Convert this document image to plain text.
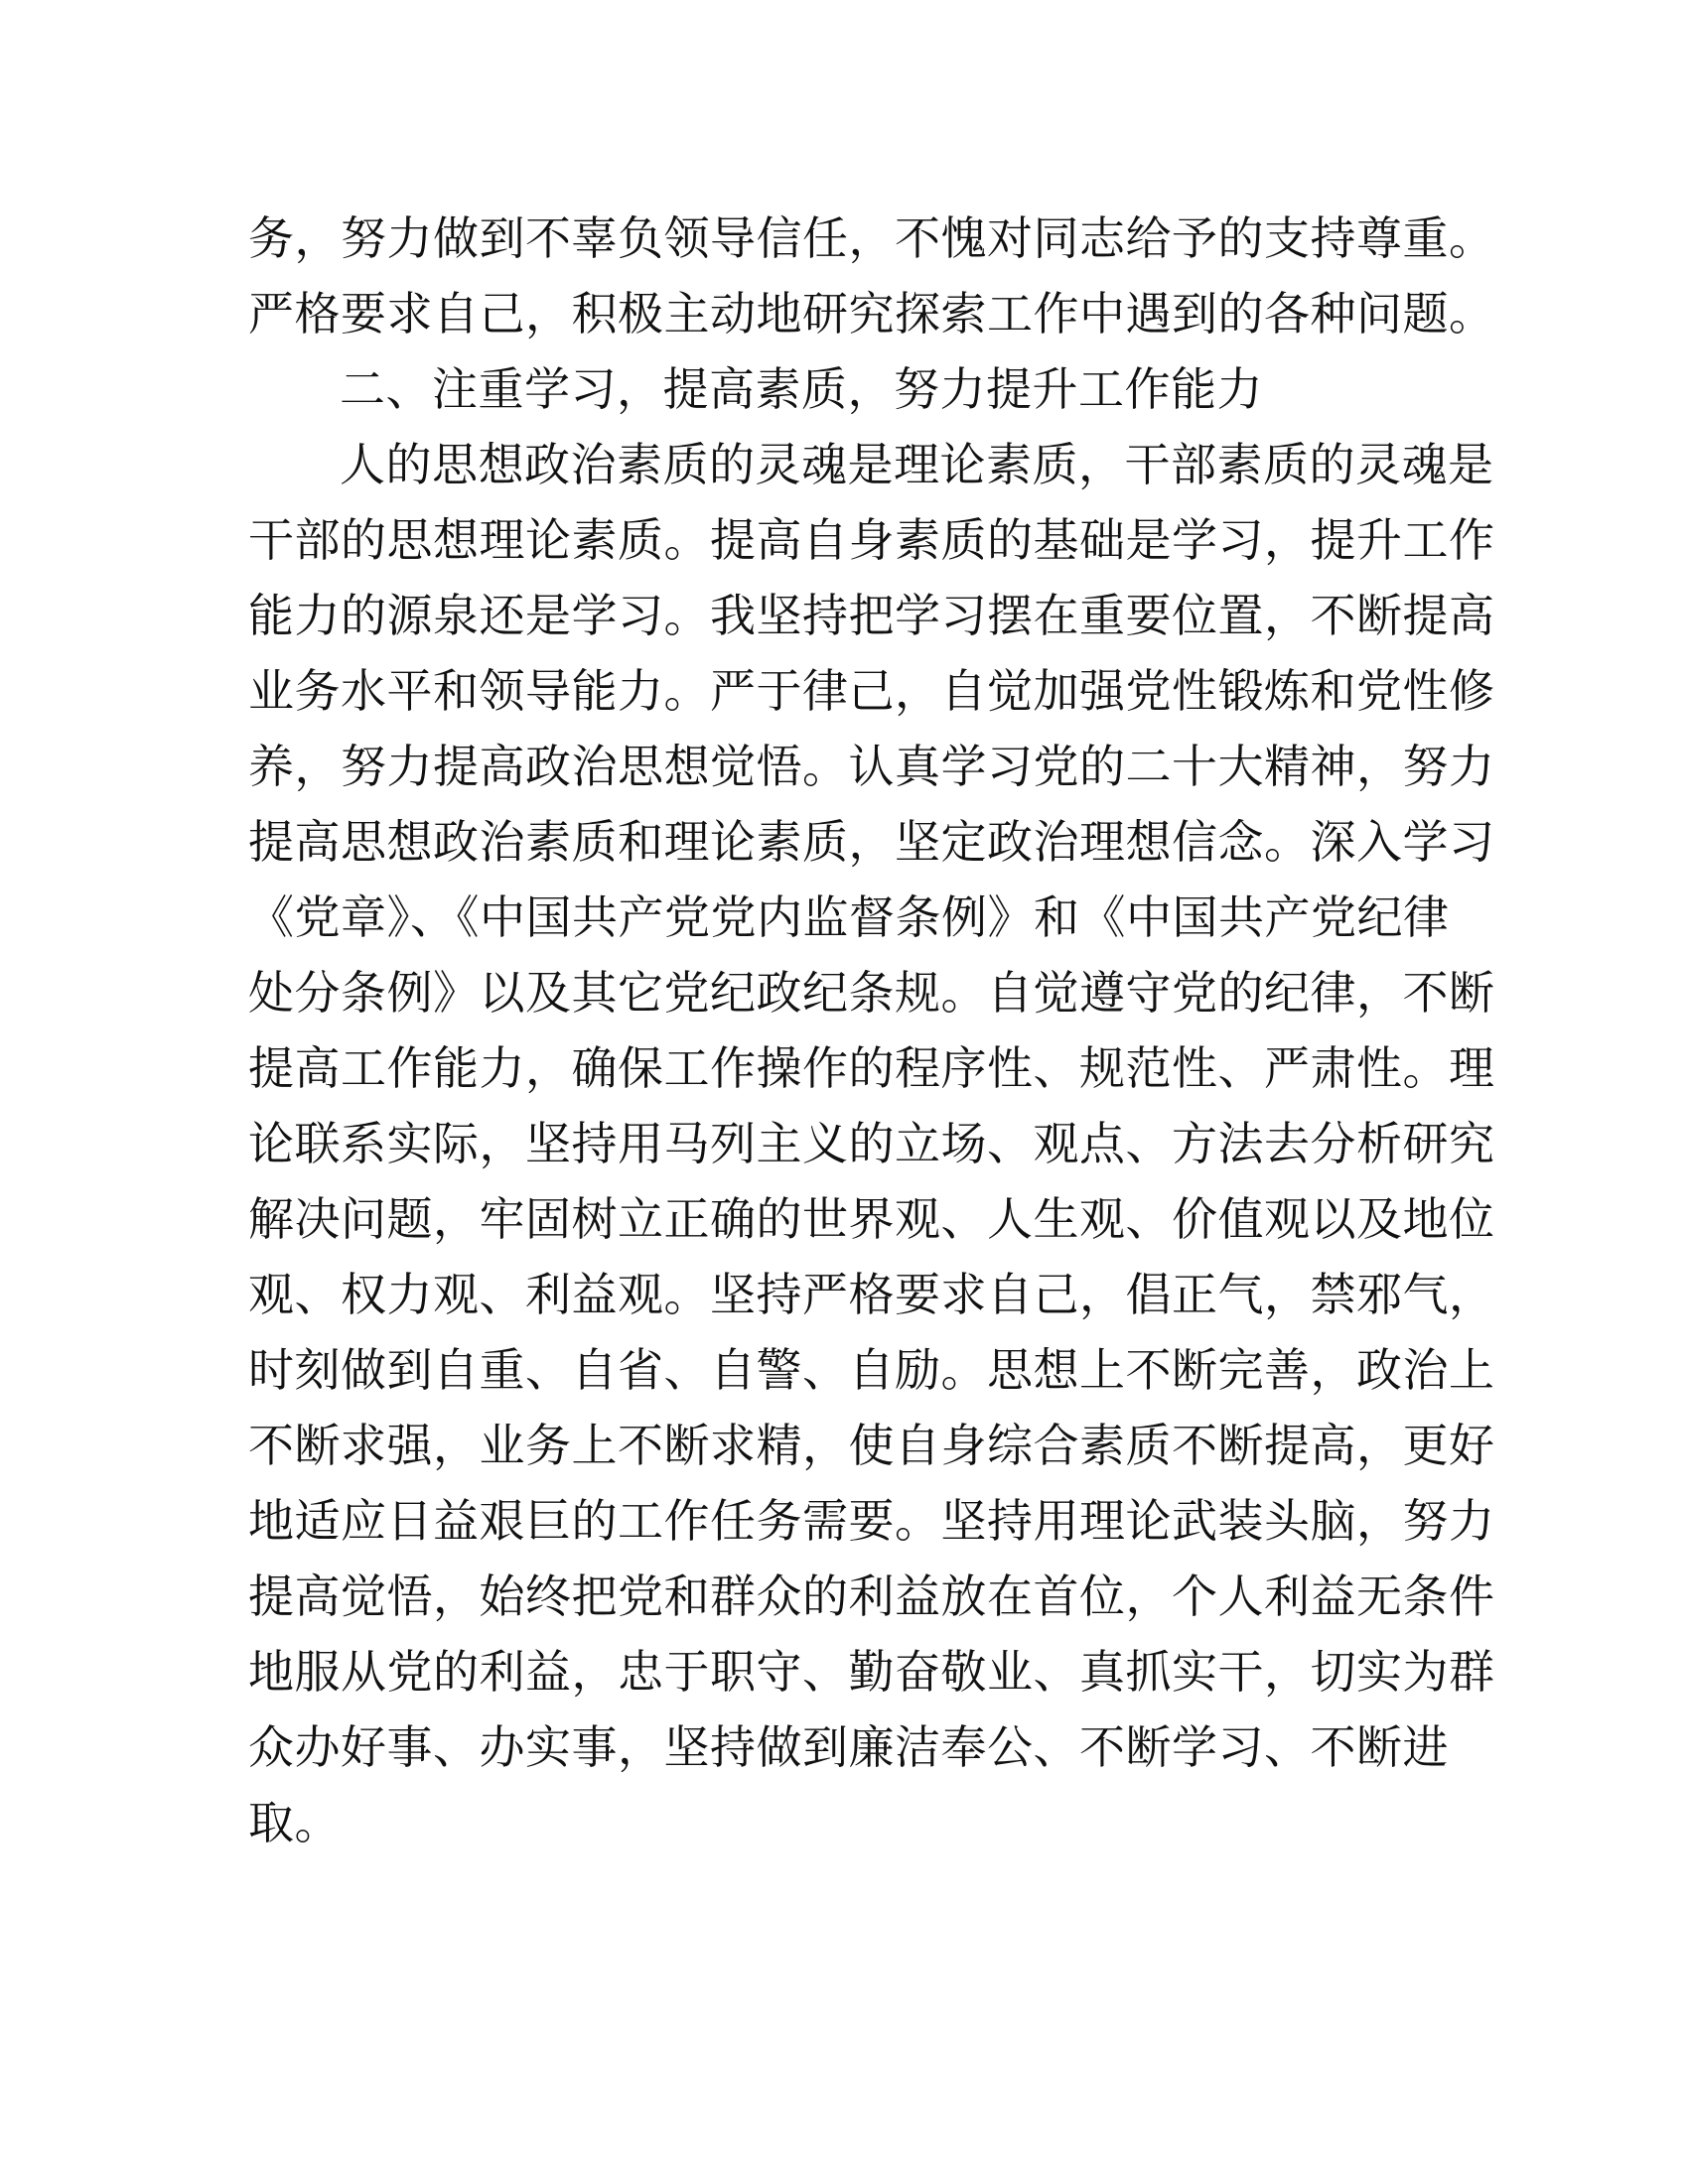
务，努力做到不辜负领导信任，不愧对同志给予的支持尊重。
严格要求自己，积极主动地研究探索工作中遇到的各种问题。
二、注重学习，提高素质，努力提升工作能力
人的思想政治素质的灵魂是理论素质，干部素质的灵魂是
干部的思想理论素质。提高自身素质的基础是学习，提升工作
能力的源泉还是学习。我坚持把学习摆在重要位置，不断提高
业务水平和领导能力。严于律己，自觉加强党性锻炼和党性修
养，努力提高政治思想觉悟。认真学习党的二十大精神，努力
提高思想政治素质和理论素质，坚定政治理想信念。深入学习
《党章》、《中国共产党党内监督条例》和《中国共产党纪律
处分条例》以及其它党纪政纪条规。自觉遵守党的纪律，不断
提高工作能力，确保工作操作的程序性、规范性、严肃性。理
论联系实际，坚持用马列主义的立场、观点、方法去分析研究
解决问题，牢固树立正确的世界观、人生观、价值观以及地位
观、权力观、利益观。坚持严格要求自己，倡正气，禁邪气，
时刻做到自重、自省、自警、自励。思想上不断完善，政治上
不断求强，业务上不断求精，使自身综合素质不断提高，更好
地适应日益艰巨的工作任务需要。坚持用理论武装头脑，努力
提高觉悟，始终把党和群众的利益放在首位，个人利益无条件
地服从党的利益，忠于职守、勤奋敬业、真抓实干，切实为群
众办好事、办实事，坚持做到廉洁奉公、不断学习、不断进
取。
